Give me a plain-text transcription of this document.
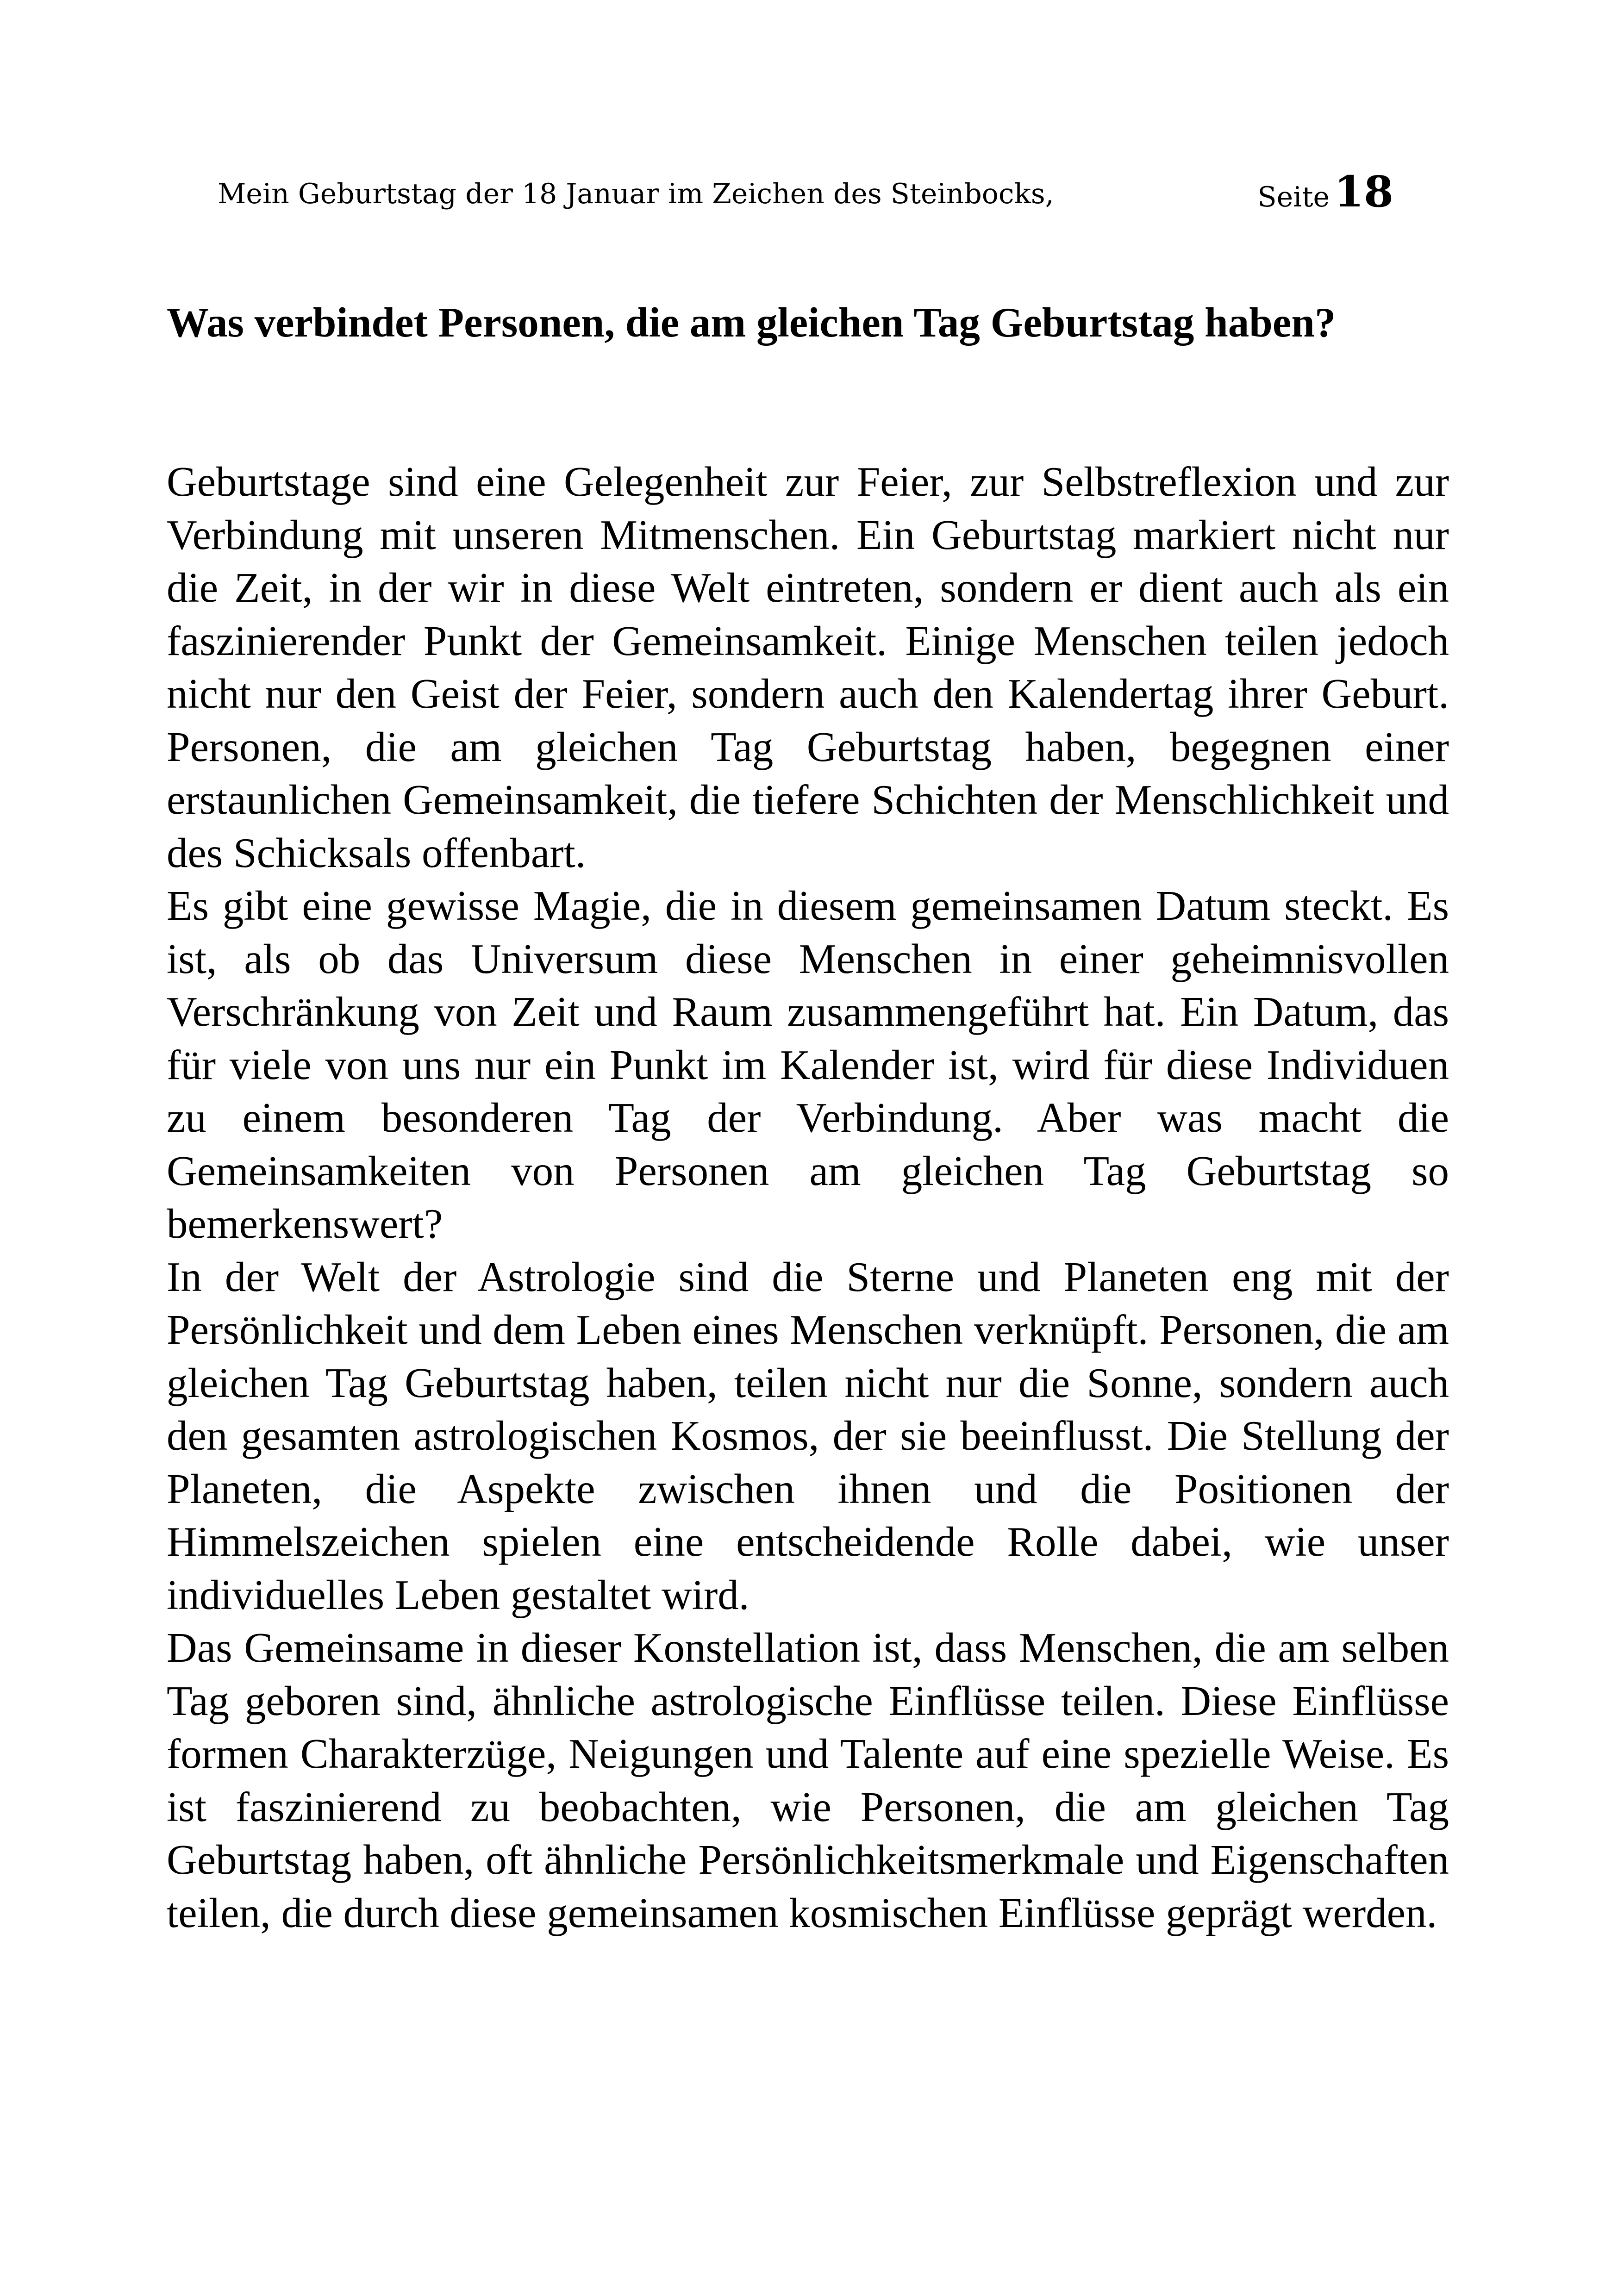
Mein Geburtstag der 18 Januar im Zeichen des Steinbocks,	Seite 18
Was verbindet Personen, die am gleichen Tag Geburtstag haben?

Geburtstage sind eine Gelegenheit zur Feier, zur Selbstreflexion und zur Verbindung mit unseren Mitmenschen. Ein Geburtstag markiert nicht nur die Zeit, in der wir in diese Welt eintreten, sondern er dient auch als ein faszinierender Punkt der Gemeinsamkeit. Einige Menschen teilen jedoch nicht nur den Geist der Feier, sondern auch den Kalendertag ihrer Geburt. Personen, die am gleichen Tag Geburtstag haben, begegnen einer erstaunlichen Gemeinsamkeit, die tiefere Schichten der Menschlichkeit und des Schicksals offenbart.

Es gibt eine gewisse Magie, die in diesem gemeinsamen Datum steckt. Es ist, als ob das Universum diese Menschen in einer geheimnisvollen Verschränkung von Zeit und Raum zusammengeführt hat. Ein Datum, das für viele von uns nur ein Punkt im Kalender ist, wird für diese Individuen zu einem besonderen Tag der Verbindung. Aber was macht die Gemeinsamkeiten von Personen am gleichen Tag Geburtstag so bemerkenswert?

In der Welt der Astrologie sind die Sterne und Planeten eng mit der Persönlichkeit und dem Leben eines Menschen verknüpft. Personen, die am gleichen Tag Geburtstag haben, teilen nicht nur die Sonne, sondern auch den gesamten astrologischen Kosmos, der sie beeinflusst. Die Stellung der Planeten, die Aspekte zwischen ihnen und die Positionen der Himmelszeichen spielen eine entscheidende Rolle dabei, wie unser individuelles Leben gestaltet wird.

Das Gemeinsame in dieser Konstellation ist, dass Menschen, die am selben Tag geboren sind, ähnliche astrologische Einflüsse teilen. Diese Einflüsse formen Charakterzüge, Neigungen und Talente auf eine spezielle Weise. Es ist faszinierend zu beobachten, wie Personen, die am gleichen Tag Geburtstag haben, oft ähnliche Persönlichkeitsmerkmale und Eigenschaften teilen, die durch diese gemeinsamen kosmischen Einflüsse geprägt werden.
